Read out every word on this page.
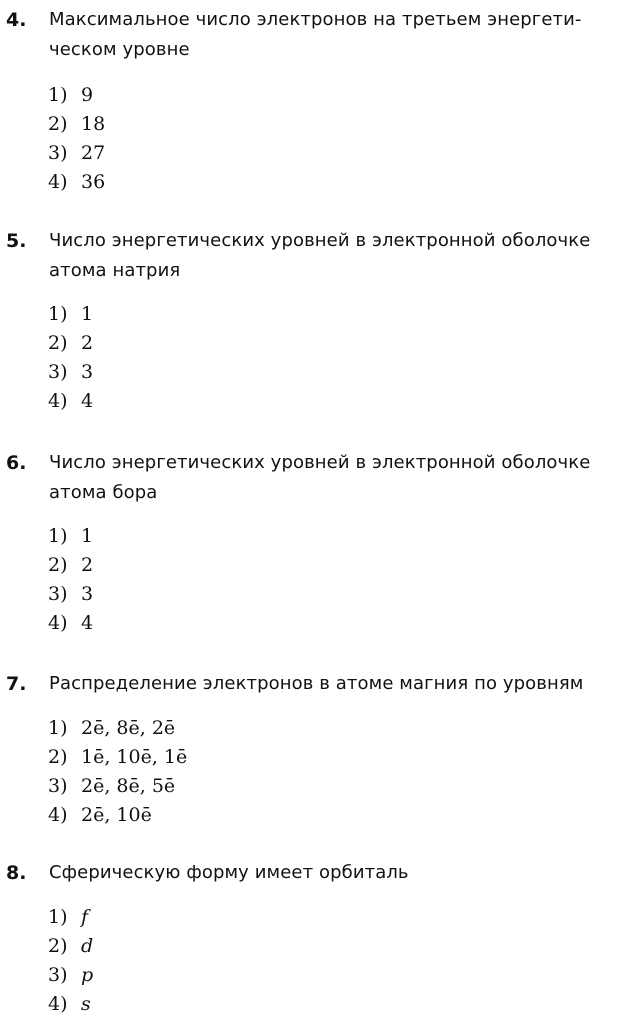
4. Максимальное число электронов на третьем энергети-
ческом уровне
1) 9
2) 18
3) 27
4) 36
5. Число энергетических уровней в электронной оболочке
атома натрия
1) 1
2) 2
3) 3
4) 4
6. Число энергетических уровней в электронной оболочке
атома бора
1) 1
2) 2
3) 3
4) 4
7. Распределение электронов в атоме магния по уровням
1) 2ē, 8ē, 2ē
2) 1ē, 10ē, 1ē
3) 2ē, 8ē, 5ē
4) 2ē, 10ē
8. Сферическую форму имеет орбиталь
1) f
2) d
3) p
4) s
